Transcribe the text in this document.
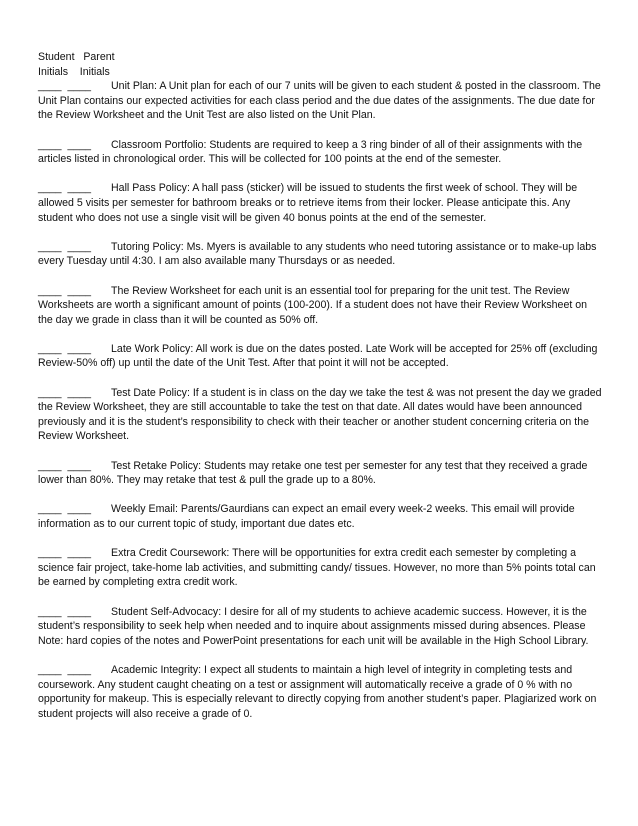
Student   Parent

Initials    Initials

____  ____ Unit Plan: A Unit plan for each of our 7 units will be given to each student & posted in the classroom. The Unit Plan contains our expected activities for each class period and the due dates of the assignments. The due date for the Review Worksheet and the Unit Test are also listed on the Unit Plan.

____  ____ Classroom Portfolio: Students are required to keep a 3 ring binder of all of their assignments with the articles listed in chronological order. This will be collected for 100 points at the end of the semester.

____  ____ Hall Pass Policy: A hall pass (sticker) will be issued to students the first week of school. They will be allowed 5 visits per semester for bathroom breaks or to retrieve items from their locker. Please anticipate this. Any student who does not use a single visit will be given 40 bonus points at the end of the semester.

____  ____ Tutoring Policy: Ms. Myers is available to any students who need tutoring assistance or to make-up labs every Tuesday until 4:30. I am also available many Thursdays or as needed.

____  ____ The Review Worksheet for each unit is an essential tool for preparing for the unit test. The Review Worksheets are worth a significant amount of points (100-200). If a student does not have their Review Worksheet on the day we grade in class than it will be counted as 50% off.

____  ____ Late Work Policy: All work is due on the dates posted. Late Work will be accepted for 25% off (excluding Review-50% off) up until the date of the Unit Test. After that point it will not be accepted.

____  ____ Test Date Policy: If a student is in class on the day we take the test & was not present the day we graded the Review Worksheet, they are still accountable to take the test on that date. All dates would have been announced previously and it is the student’s responsibility to check with their teacher or another student concerning criteria on the Review Worksheet.

____  ____ Test Retake Policy: Students may retake one test per semester for any test that they received a grade lower than 80%. They may retake that test & pull the grade up to a 80%.

____  ____ Weekly Email: Parents/Gaurdians can expect an email every week-2 weeks. This email will provide information as to our current topic of study, important due dates etc.

____  ____ Extra Credit Coursework: There will be opportunities for extra credit each semester by completing a science fair project, take-home lab activities, and submitting candy/ tissues. However, no more than 5% points total can be earned by completing extra credit work.

____  ____ Student Self-Advocacy: I desire for all of my students to achieve academic success. However, it is the student’s responsibility to seek help when needed and to inquire about assignments missed during absences. Please Note: hard copies of the notes and PowerPoint presentations for each unit will be available in the High School Library.

____  ____ Academic Integrity: I expect all students to maintain a high level of integrity in completing tests and coursework. Any student caught cheating on a test or assignment will automatically receive a grade of 0 % with no opportunity for makeup. This is especially relevant to directly copying from another student’s paper. Plagiarized work on student projects will also receive a grade of 0.
